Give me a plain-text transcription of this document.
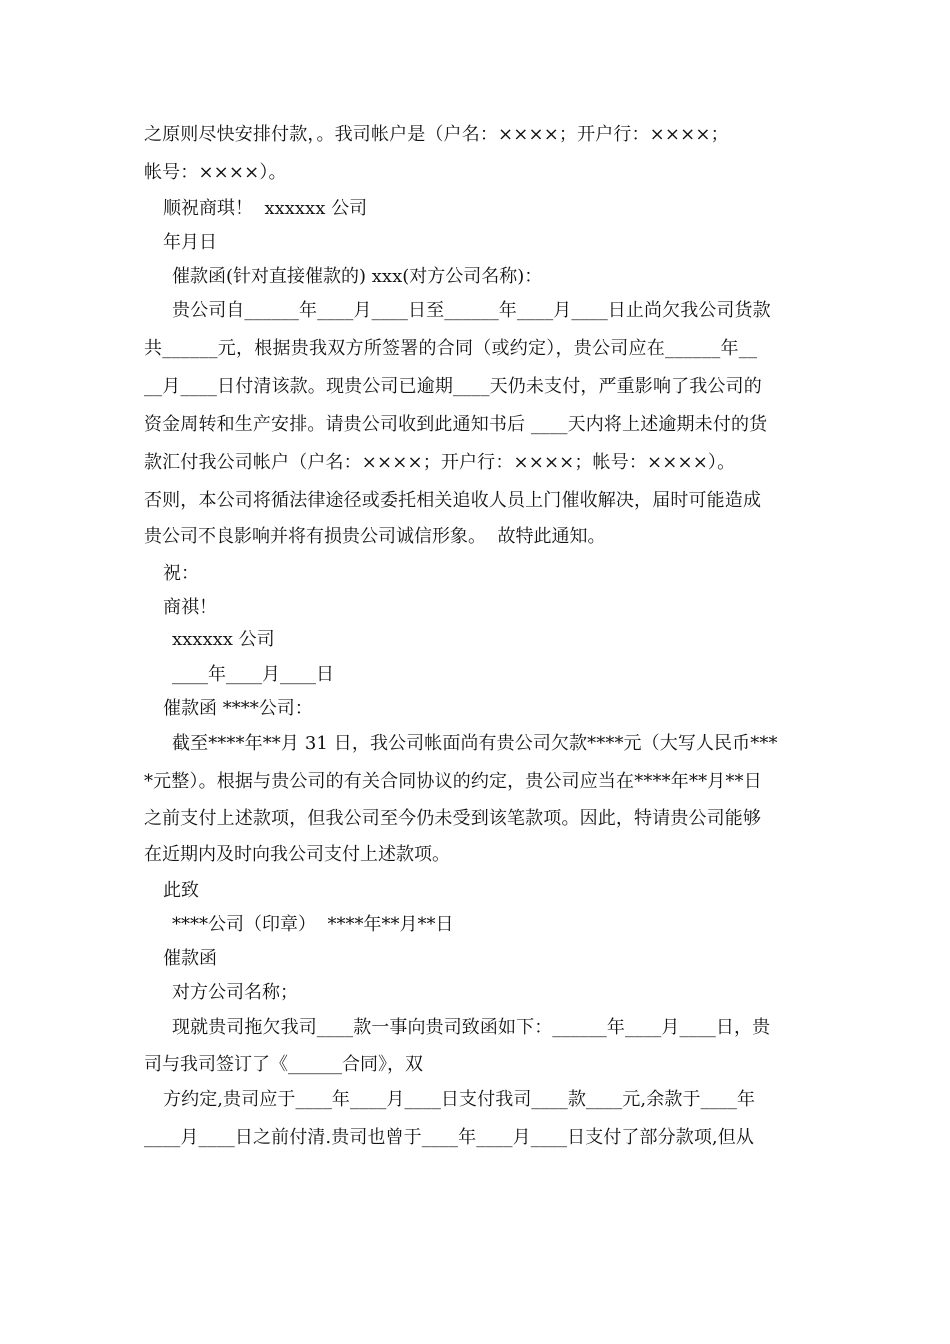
之原则尽快安排付款，。我司帐户是（户名：××××；开户行：××××；

帐号：××××）。

顺祝商琪！  xxxxxx 公司

年月日

催款函(针对直接催款的) xxx(对方公司名称)：

贵公司自______年____月____日至______年____月____日止尚欠我公司货款

共______元，根据贵我双方所签署的合同（或约定），贵公司应在______年__

__月____日付清该款。现贵公司已逾期____天仍未支付，严重影响了我公司的

资金周转和生产安排。请贵公司收到此通知书后 ____天内将上述逾期未付的货

款汇付我公司帐户（户名：××××；开户行：××××；帐号：××××）。

否则，本公司将循法律途径或委托相关追收人员上门催收解决，届时可能造成

贵公司不良影响并将有损贵公司诚信形象。  故特此通知。

祝：

商祺！

xxxxxx 公司

____年____月____日

催款函 ****公司：

截至****年**月 31 日，我公司帐面尚有贵公司欠款****元（大写人民币***

*元整）。根据与贵公司的有关合同协议的约定，贵公司应当在****年**月**日

之前支付上述款项，但我公司至今仍未受到该笔款项。因此，特请贵公司能够

在近期内及时向我公司支付上述款项。

此致

****公司（印章）  ****年**月**日

催款函

对方公司名称；

现就贵司拖欠我司____款一事向贵司致函如下：______年____月____日，贵

司与我司签订了《______合同》，双

方约定,贵司应于____年____月____日支付我司____款____元,余款于____年

____月____日之前付清.贵司也曾于____年____月____日支付了部分款项,但从
